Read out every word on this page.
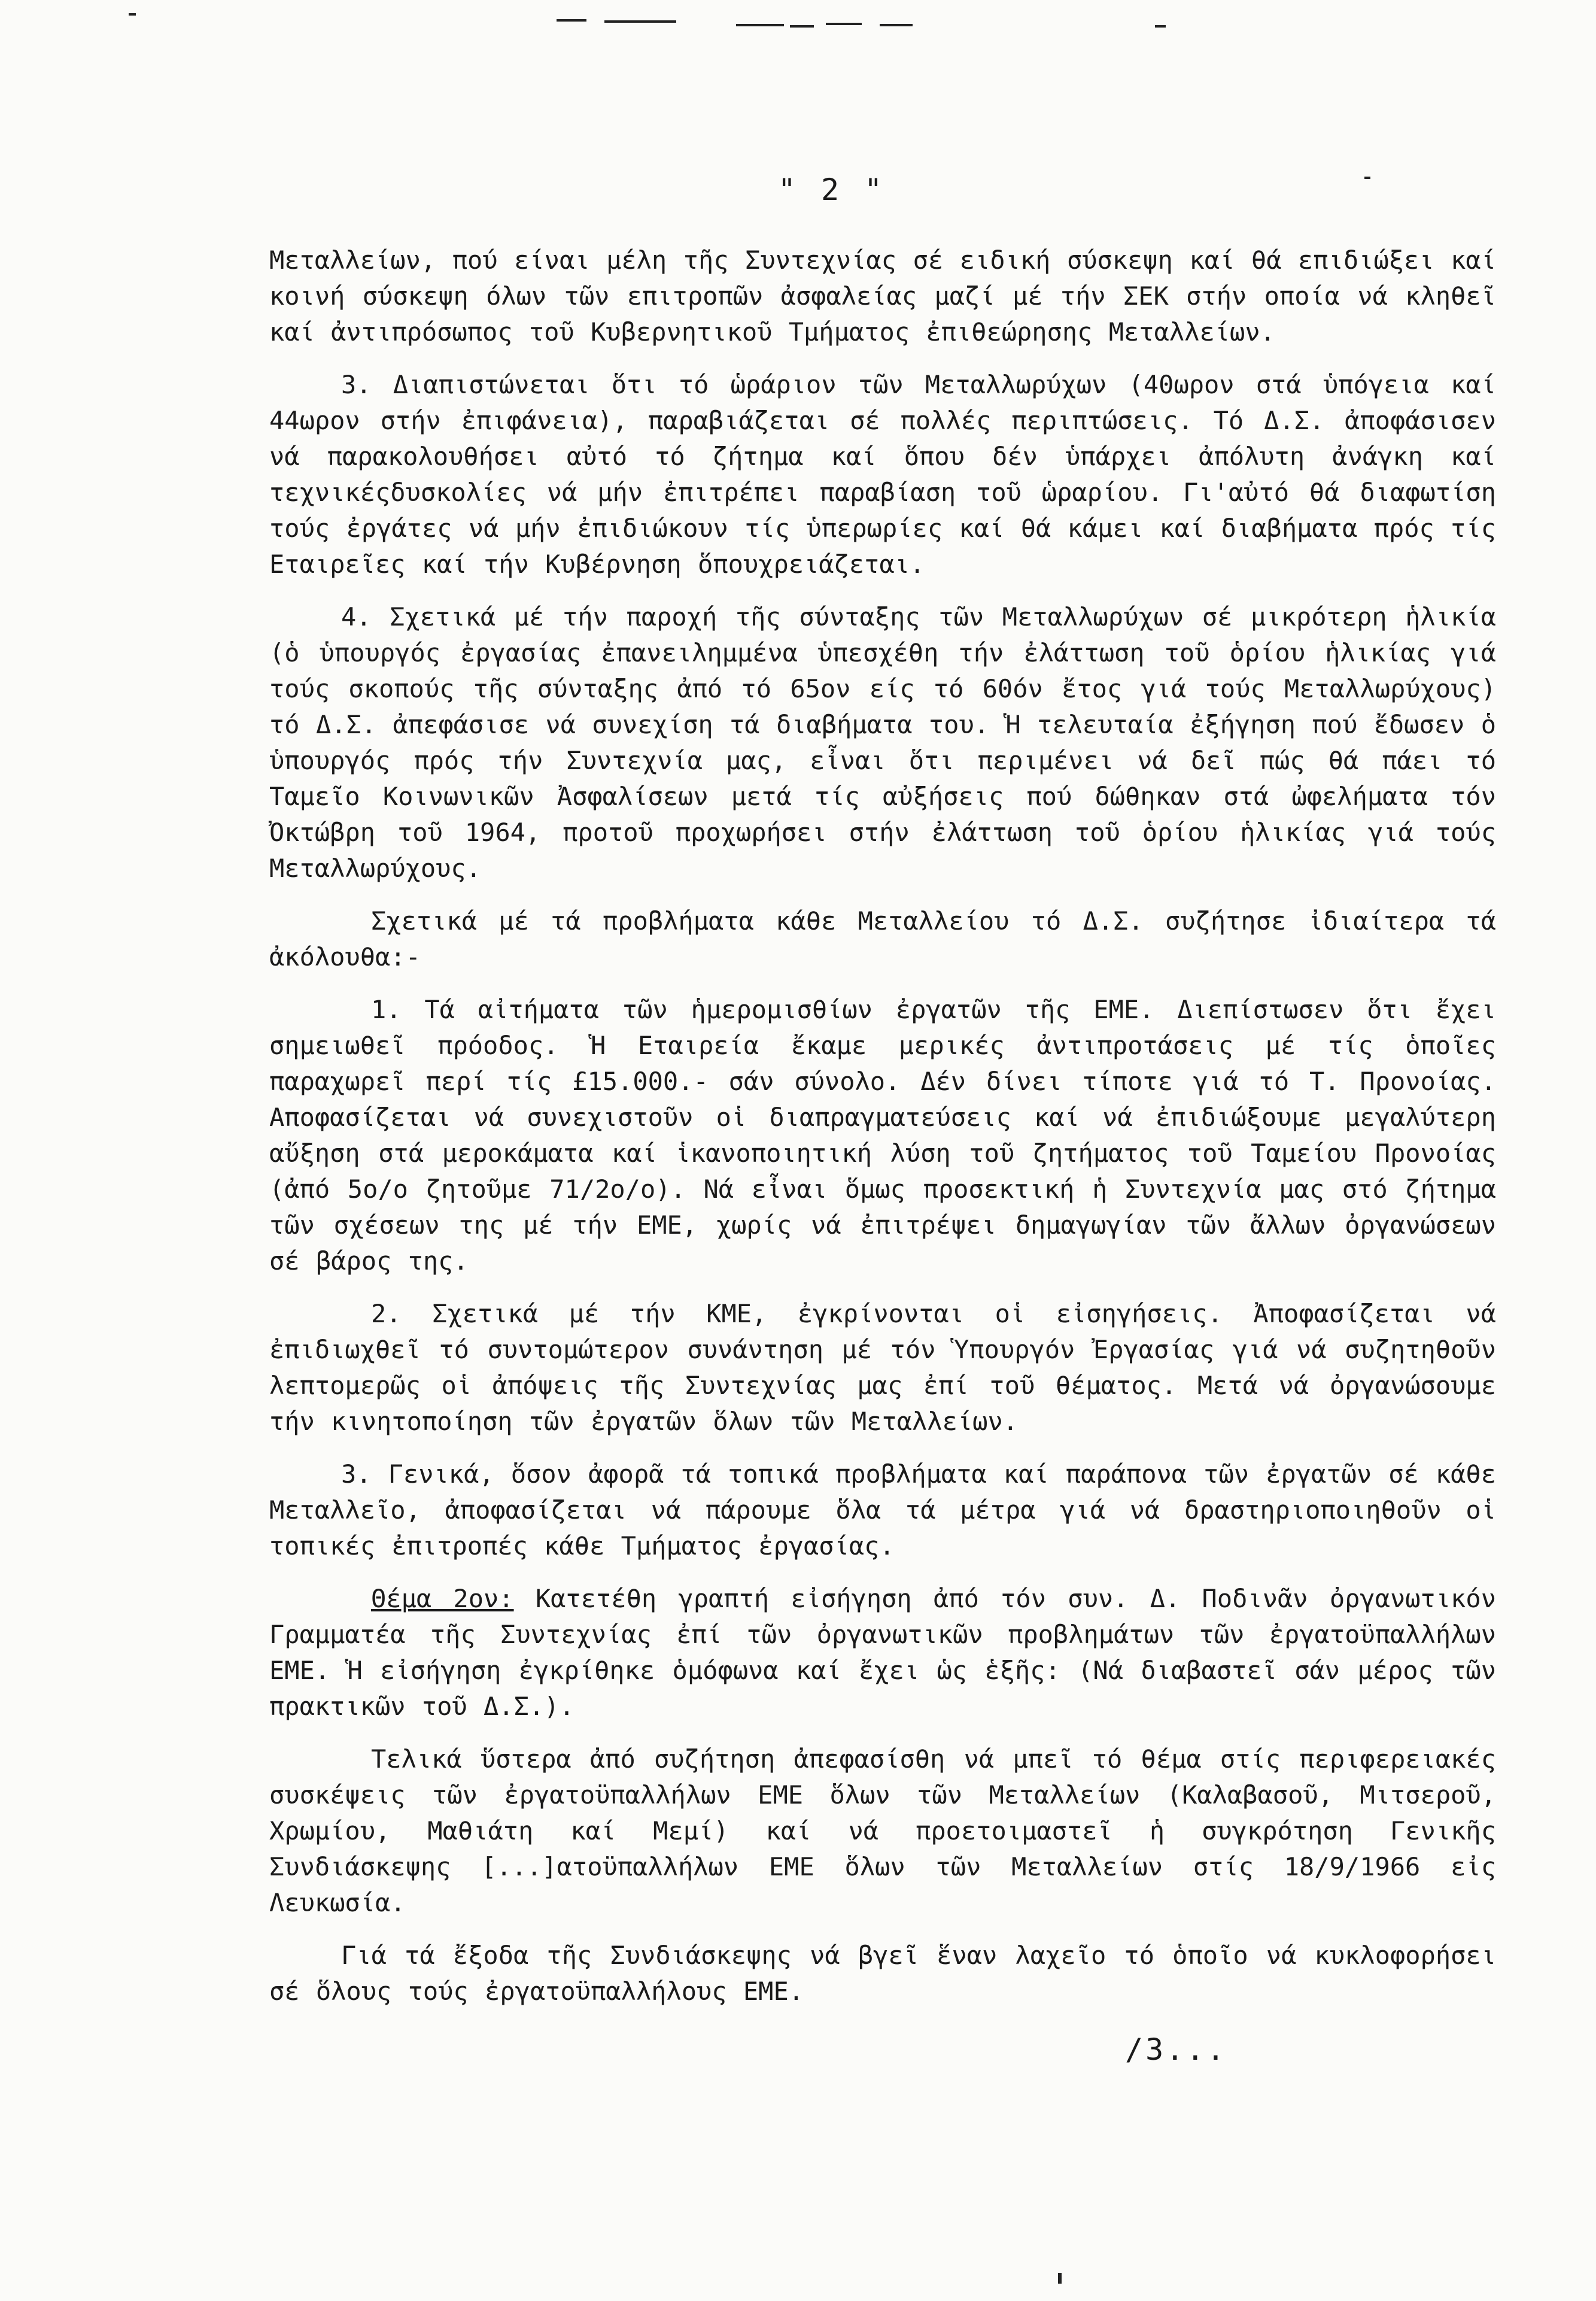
" 2 "

Μεταλλείων, πού είναι μέλη τῆς Συντεχνίας σέ ειδική σύσκεψη καί θά επιδιώξει καί κοινή σύσκεψη όλων τῶν επιτροπῶν ἀσφαλείας μαζί μέ τήν ΣΕΚ στήν οποία νά κληθεῖ καί ἀντιπρόσωπος τοῦ Κυβερνητικοῦ Τμήματος ἐπιθεώρησης Μεταλλείων.

3. Διαπιστώνεται ὅτι τό ὡράριον τῶν Μεταλλωρύχων (40ωρον στά ὑπόγεια καί 44ωρον στήν ἐπιφάνεια), παραβιάζεται σέ πολλές περιπτώσεις. Τό Δ.Σ. ἀποφάσισεν νά παρακολουθήσει αὐτό τό ζήτημα καί ὅπου δέν ὑπάρχει ἀπόλυτη ἀνάγκη καί τεχνικέςδυσκολίες νά μήν ἐπιτρέπει παραβίαση τοῦ ὡραρίου. Γι'αὐτό θά διαφωτίση τούς ἐργάτες νά μήν ἐπιδιώκουν τίς ὑπερωρίες καί θά κάμει καί διαβήματα πρός τίς Εταιρεῖες καί τήν Κυβέρνηση ὅπουχρειάζεται.

4. Σχετικά μέ τήν παροχή τῆς σύνταξης τῶν Μεταλλωρύχων σέ μικρότερη ἡλικία (ὁ ὑπουργός ἐργασίας ἐπανειλημμένα ὑπεσχέθη τήν ἐλάττωση τοῦ ὁρίου ἡλικίας γιά τούς σκοπούς τῆς σύνταξης ἀπό τό 65ον είς τό 60όν ἔτος γιά τούς Μεταλλωρύχους) τό Δ.Σ. ἀπεφάσισε νά συνεχίση τά διαβήματα του. Ἡ τελευταία ἐξήγηση πού ἔδωσεν ὁ ὑπουργός πρός τήν Συντεχνία μας, εἶναι ὅτι περιμένει νά δεῖ πώς θά πάει τό Ταμεῖο Κοινωνικῶν Ἀσφαλίσεων μετά τίς αὐξήσεις πού δώθηκαν στά ὠφελήματα τόν Ὀκτώβρη τοῦ 1964, προτοῦ προχωρήσει στήν ἐλάττωση τοῦ ὁρίου ἡλικίας γιά τούς Μεταλλωρύχους.

Σχετικά μέ τά προβλήματα κάθε Μεταλλείου τό Δ.Σ. συζήτησε ἰδιαίτερα τά ἀκόλουθα:-

1. Τά αἰτήματα τῶν ἡμερομισθίων ἐργατῶν τῆς ΕΜΕ. Διεπίστωσεν ὅτι ἔχει σημειωθεῖ πρόοδος. Ἡ Εταιρεία ἔκαμε μερικές ἀντιπροτάσεις μέ τίς ὁποῖες παραχωρεῖ περί τίς £15.000.- σάν σύνολο. Δέν δίνει τίποτε γιά τό Τ. Προνοίας. Αποφασίζεται νά συνεχιστοῦν οἱ διαπραγματεύσεις καί νά ἐπιδιώξουμε μεγαλύτερη αὔξηση στά μεροκάματα καί ἱκανοποιητική λύση τοῦ ζητήματος τοῦ Ταμείου Προνοίας (ἀπό 5ο/ο ζητοῦμε 71/2ο/ο). Νά εἶναι ὅμως προσεκτική ἡ Συντεχνία μας στό ζήτημα τῶν σχέσεων της μέ τήν ΕΜΕ, χωρίς νά ἐπιτρέψει δημαγωγίαν τῶν ἄλλων ὀργανώσεων σέ βάρος της.

2. Σχετικά μέ τήν ΚΜΕ, ἐγκρίνονται οἱ εἰσηγήσεις. Ἀποφασίζεται νά ἐπιδιωχθεῖ τό συντομώτερον συνάντηση μέ τόν Ὑπουργόν Ἐργασίας γιά νά συζητηθοῦν λεπτομερῶς οἱ ἀπόψεις τῆς Συντεχνίας μας ἐπί τοῦ θέματος. Μετά νά ὀργανώσουμε τήν κινητοποίηση τῶν ἐργατῶν ὅλων τῶν Μεταλλείων.

3. Γενικά, ὅσον ἀφορᾶ τά τοπικά προβλήματα καί παράπονα τῶν ἐργατῶν σέ κάθε Μεταλλεῖο, ἀποφασίζεται νά πάρουμε ὅλα τά μέτρα γιά νά δραστηριοποιηθοῦν οἱ τοπικές ἐπιτροπές κάθε Τμήματος ἐργασίας.

Θέμα 2ον: Κατετέθη γραπτή εἰσήγηση ἀπό τόν συν. Δ. Ποδινᾶν ὀργανωτικόν Γραμματέα τῆς Συντεχνίας ἐπί τῶν ὀργανωτικῶν προβλημάτων τῶν ἐργατοϋπαλλήλων ΕΜΕ. Ἡ εἰσήγηση ἐγκρίθηκε ὁμόφωνα καί ἔχει ὡς ἑξῆς: (Νά διαβαστεῖ σάν μέρος τῶν πρακτικῶν τοῦ Δ.Σ.).

Τελικά ὕστερα ἀπό συζήτηση ἀπεφασίσθη νά μπεῖ τό θέμα στίς περιφερειακές συσκέψεις τῶν ἐργατοϋπαλλήλων ΕΜΕ ὅλων τῶν Μεταλλείων (Καλαβασοῦ, Μιτσεροῦ, Χρωμίου, Μαθιάτη καί Μεμί) καί νά προετοιμαστεῖ ἡ συγκρότηση Γενικῆς Συνδιάσκεψης [...]ατοϋπαλλήλων ΕΜΕ ὅλων τῶν Μεταλλείων στίς 18/9/1966 εἰς Λευκωσία.

Γιά τά ἔξοδα τῆς Συνδιάσκεψης νά βγεῖ ἕναν λαχεῖο τό ὁποῖο νά κυκλοφορήσει σέ ὅλους τούς ἐργατοϋπαλλήλους ΕΜΕ.

/3...
